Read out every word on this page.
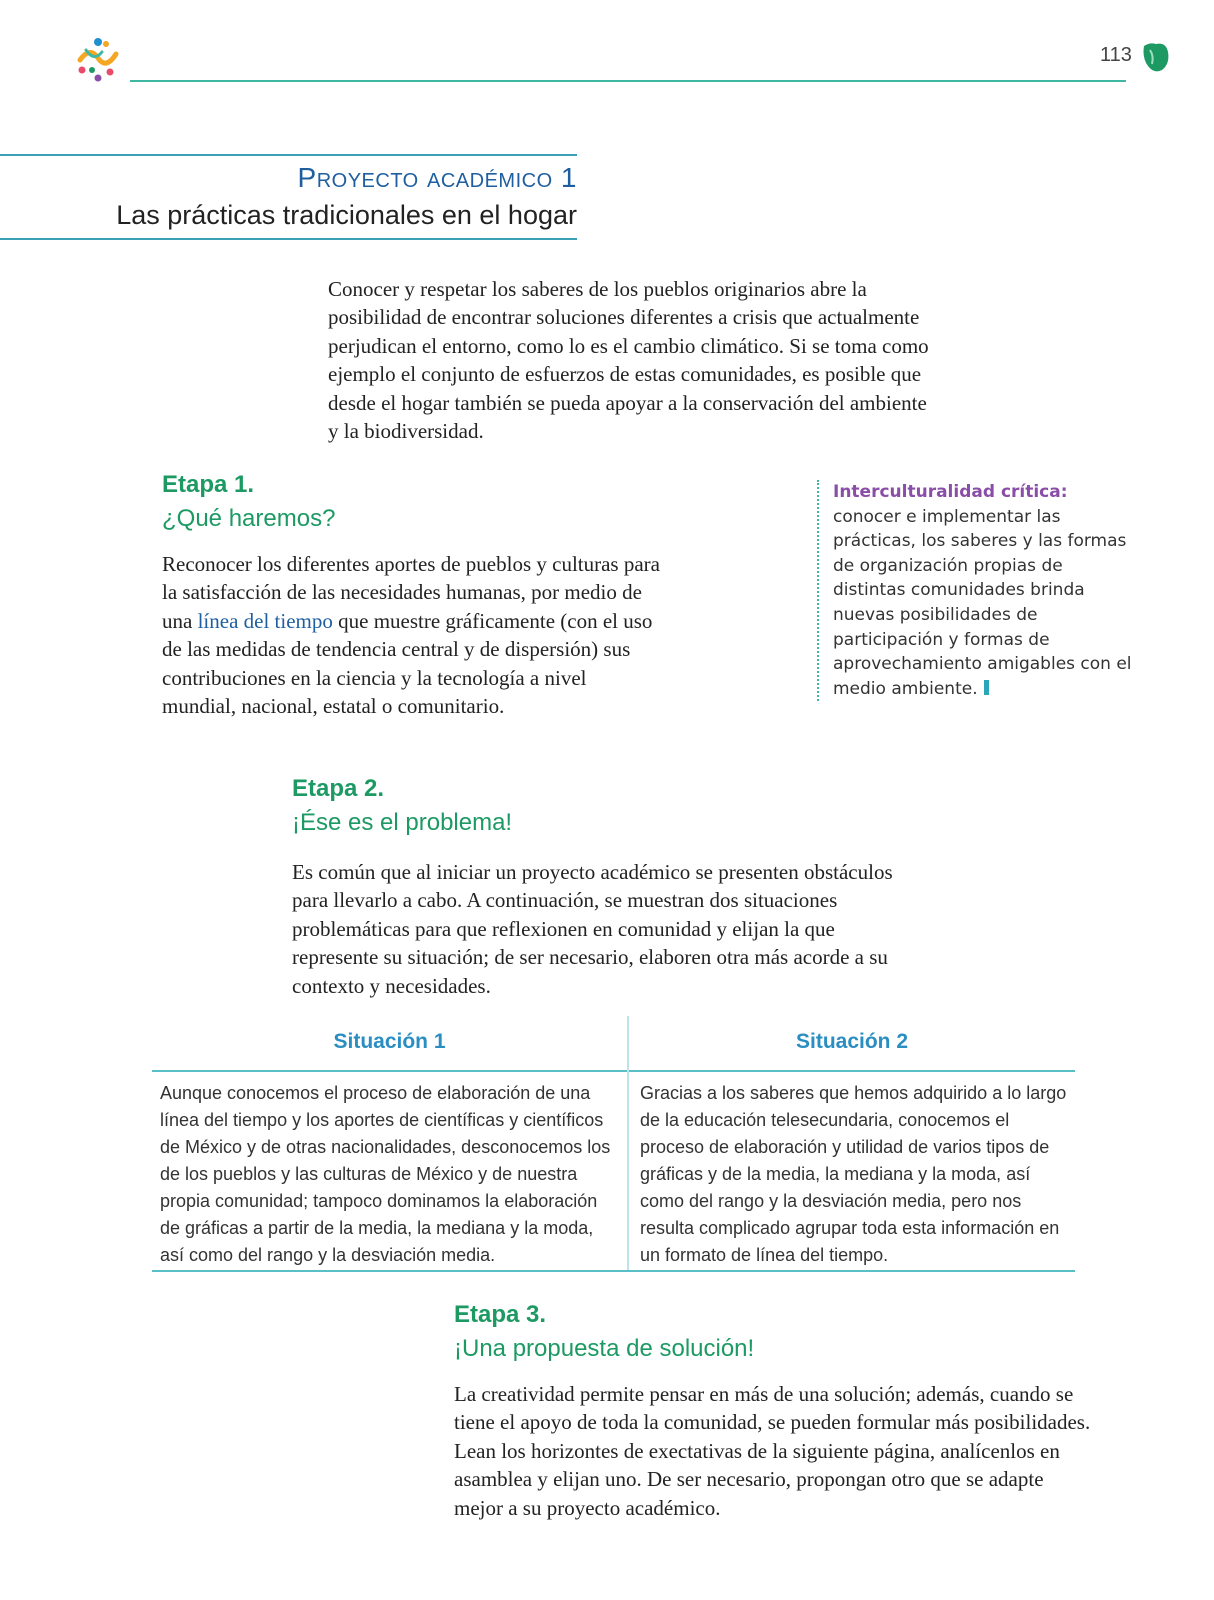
113
Proyecto académico 1
Las prácticas tradicionales en el hogar

Conocer y respetar los saberes de los pueblos originarios abre la posibilidad de encontrar soluciones diferentes a crisis que actualmente perjudican el entorno, como lo es el cambio climático. Si se toma como ejemplo el conjunto de esfuerzos de estas comunidades, es posible que desde el hogar también se pueda apoyar a la conservación del ambiente y la biodiversidad.

Etapa 1.
¿Qué haremos?

Reconocer los diferentes aportes de pueblos y culturas para la satisfacción de las necesidades humanas, por medio de una línea del tiempo que muestre gráficamente (con el uso de las medidas de tendencia central y de dispersión) sus contribuciones en la ciencia y la tecnología a nivel mundial, nacional, estatal o comunitario.

Interculturalidad crítica:
conocer e implementar las prácticas, los saberes y las formas de organización propias de distintas comunidades brinda nuevas posibilidades de participación y formas de aprovechamiento amigables con el medio ambiente.
Etapa 2.
¡Ése es el problema!

Es común que al iniciar un proyecto académico se presenten obstáculos para llevarlo a cabo. A continuación, se muestran dos situaciones problemáticas para que reflexionen en comunidad y elijan la que represente su situación; de ser necesario, elaboren otra más acorde a su contexto y necesidades.

Situación 1	Situación 2
Aunque conocemos el proceso de elaboración de una línea del tiempo y los aportes de científicas y científicos de México y de otras nacionalidades, desconocemos los de los pueblos y las culturas de México y de nuestra propia comunidad; tampoco dominamos la elaboración de gráficas a partir de la media, la mediana y la moda, así como del rango y la desviación media.
Gracias a los saberes que hemos adquirido a lo largo de la educación telesecundaria, conocemos el proceso de elaboración y utilidad de varios tipos de gráficas y de la media, la mediana y la moda, así como del rango y la desviación media, pero nos resulta complicado agrupar toda esta información en un formato de línea del tiempo.
Etapa 3.
¡Una propuesta de solución!

La creatividad permite pensar en más de una solución; además, cuando se tiene el apoyo de toda la comunidad, se pueden formular más posibilidades. Lean los horizontes de exectativas de la siguiente página, analícenlos en asamblea y elijan uno. De ser necesario, propongan otro que se adapte mejor a su proyecto académico.
